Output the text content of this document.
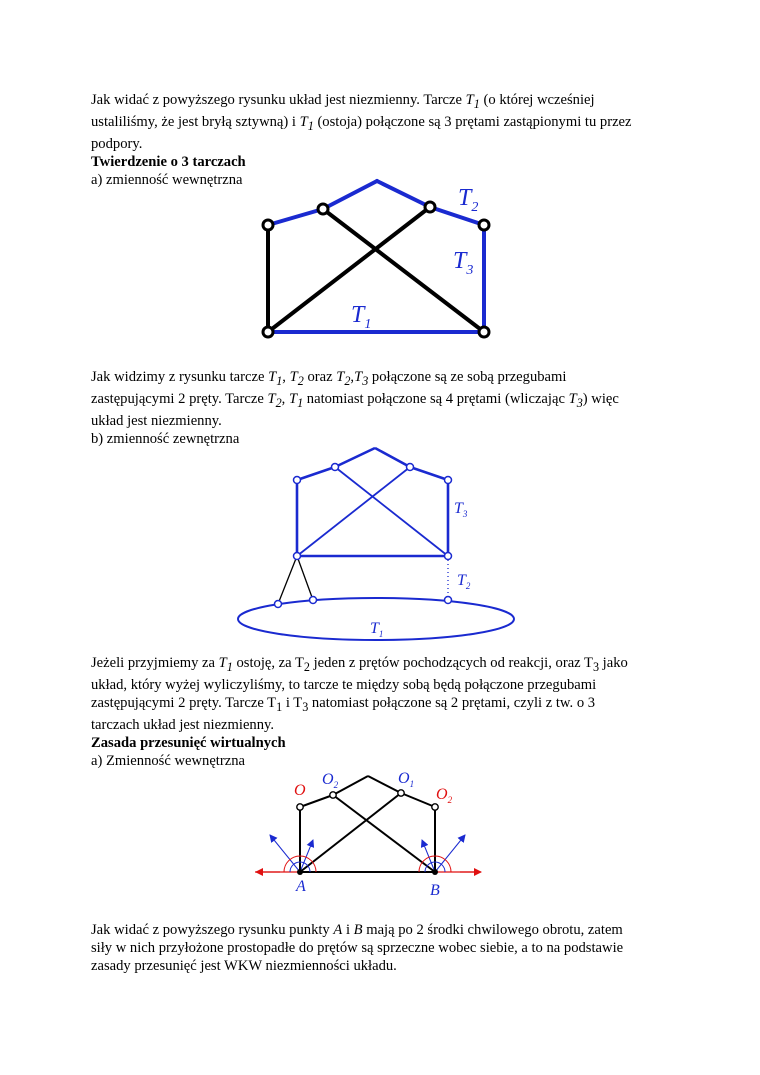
Jak widać z powyższego rysunku układ jest niezmienny. Tarcze $T_1$ (o której wcześniej
ustaliliśmy, że jest bryłą sztywną) i $T_1$ (ostoja) połączone są 3 prętami zastąpionymi tu przez
podpory.
Twierdzenie o 3 tarczach
a) zmienność wewnętrzna
$T_2$
$T_3$
$T_1$
Jak widzimy z rysunku tarcze $T_1$, $T_2$ oraz $T_2,T_3$ połączone są ze sobą przegubami
zastępującymi 2 pręty. Tarcze $T_2$, $T_1$ natomiast połączone są 4 prętami (wliczając $T_3$) więc
układ jest niezmienny.
b) zmienność zewnętrzna
$T_3$
$T_2$
$T_1$
Jeżeli przyjmiemy za $T_1$ ostoję, za $T_2$ jeden z prętów pochodzących od reakcji, oraz $T_3$ jako
układ, który wyżej wyliczyliśmy, to tarcze te między sobą będą połączone przegubami
zastępującymi 2 pręty. Tarcze $T_1$ i $T_3$ natomiast połączone są 2 prętami, czyli z tw. o 3
tarczach układ jest niezmienny.
Zasada przesunięć wirtualnych
a) Zmienność wewnętrzna
O
$O_2$	$O_1$
$O_2$
A	B
Jak widać z powyższego rysunku punkty A i B mają po 2 środki chwilowego obrotu, zatem
siły w nich przyłożone prostopadłe do prętów są sprzeczne wobec siebie, a to na podstawie
zasady przesunięć jest WKW niezmienności układu.
